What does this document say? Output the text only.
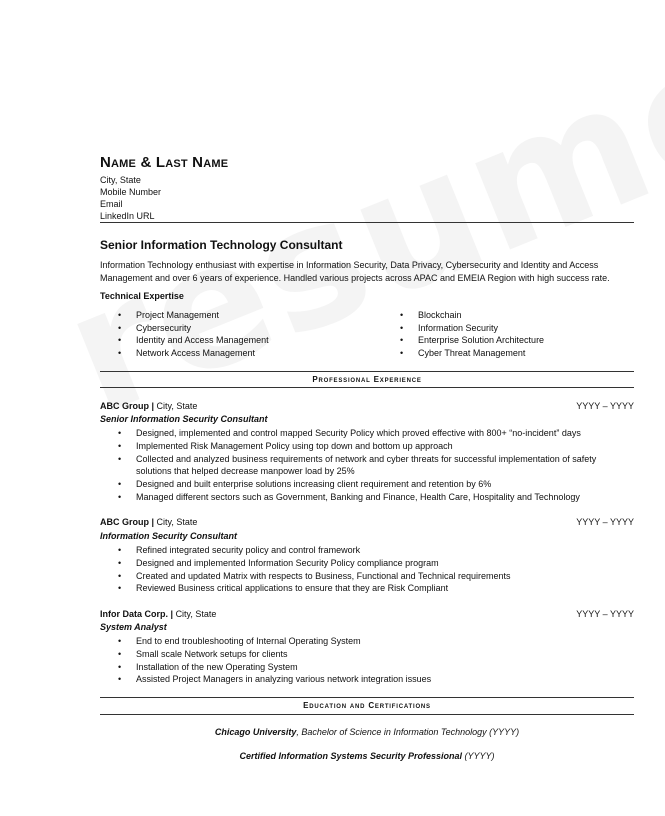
Name & Last Name
City, State
Mobile Number
Email
LinkedIn URL
Senior Information Technology Consultant
Information Technology enthusiast with expertise in Information Security, Data Privacy, Cybersecurity and Identity and Access Management and over 6 years of experience. Handled various projects across APAC and EMEIA Region with high success rate.
Technical Expertise
• Project Management
• Cybersecurity
• Identity and Access Management
• Network Access Management
• Blockchain
• Information Security
• Enterprise Solution Architecture
• Cyber Threat Management
Professional Experience
ABC Group | City, State	YYYY – YYYY
Senior Information Security Consultant
• Designed, implemented and control mapped Security Policy which proved effective with 800+ “no-incident” days
• Implemented Risk Management Policy using top down and bottom up approach
• Collected and analyzed business requirements of network and cyber threats for successful implementation of safety solutions that helped decrease manpower load by 25%
• Designed and built enterprise solutions increasing client requirement and retention by 6%
• Managed different sectors such as Government, Banking and Finance, Health Care, Hospitality and Technology
ABC Group | City, State	YYYY – YYYY
Information Security Consultant
• Refined integrated security policy and control framework
• Designed and implemented Information Security Policy compliance program
• Created and updated Matrix with respects to Business, Functional and Technical requirements
• Reviewed Business critical applications to ensure that they are Risk Compliant
Infor Data Corp. | City, State	YYYY – YYYY
System Analyst
• End to end troubleshooting of Internal Operating System
• Small scale Network setups for clients
• Installation of the new Operating System
• Assisted Project Managers in analyzing various network integration issues
Education and Certifications
Chicago University, Bachelor of Science in Information Technology (YYYY)
Certified Information Systems Security Professional (YYYY)
